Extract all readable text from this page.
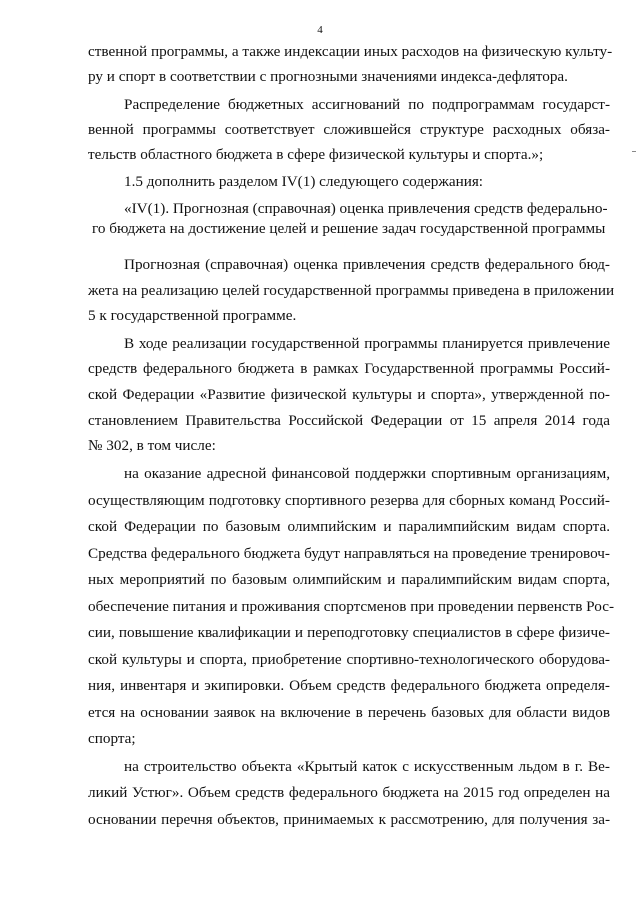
4
ственной программы, а также индексации иных расходов на физическую культу-
ру и спорт в соответствии с прогнозными значениями индекса-дефлятора.
Распределение бюджетных ассигнований по подпрограммам государст-
венной программы соответствует сложившейся структуре расходных обяза-
тельств областного бюджета в сфере физической культуры и спорта.»;
1.5 дополнить разделом IV(1) следующего содержания:
«IV(1). Прогнозная (справочная) оценка привлечения средств федерально-
го бюджета на достижение целей и решение задач государственной программы
Прогнозная (справочная) оценка привлечения средств федерального бюд-
жета на реализацию целей государственной программы приведена в приложении
5 к государственной программе.
В ходе реализации государственной программы планируется привлечение
средств федерального бюджета в рамках Государственной программы Россий-
ской Федерации «Развитие физической культуры и спорта», утвержденной по-
становлением Правительства Российской Федерации от 15 апреля 2014 года
№ 302, в том числе:
на оказание адресной финансовой поддержки спортивным организациям,
осуществляющим подготовку спортивного резерва для сборных команд Россий-
ской Федерации по базовым олимпийским и паралимпийским видам спорта.
Средства федерального бюджета будут направляться на проведение тренировоч-
ных мероприятий по базовым олимпийским и паралимпийским видам спорта,
обеспечение питания и проживания спортсменов при проведении первенств Рос-
сии, повышение квалификации и переподготовку специалистов в сфере физиче-
ской культуры и спорта, приобретение спортивно-технологического оборудова-
ния, инвентаря и экипировки. Объем средств федерального бюджета определя-
ется на основании заявок на включение в перечень базовых для области видов
спорта;
на строительство объекта «Крытый каток с искусственным льдом в г. Ве-
ликий Устюг». Объем средств федерального бюджета на 2015 год определен на
основании перечня объектов, принимаемых к рассмотрению, для получения за-
